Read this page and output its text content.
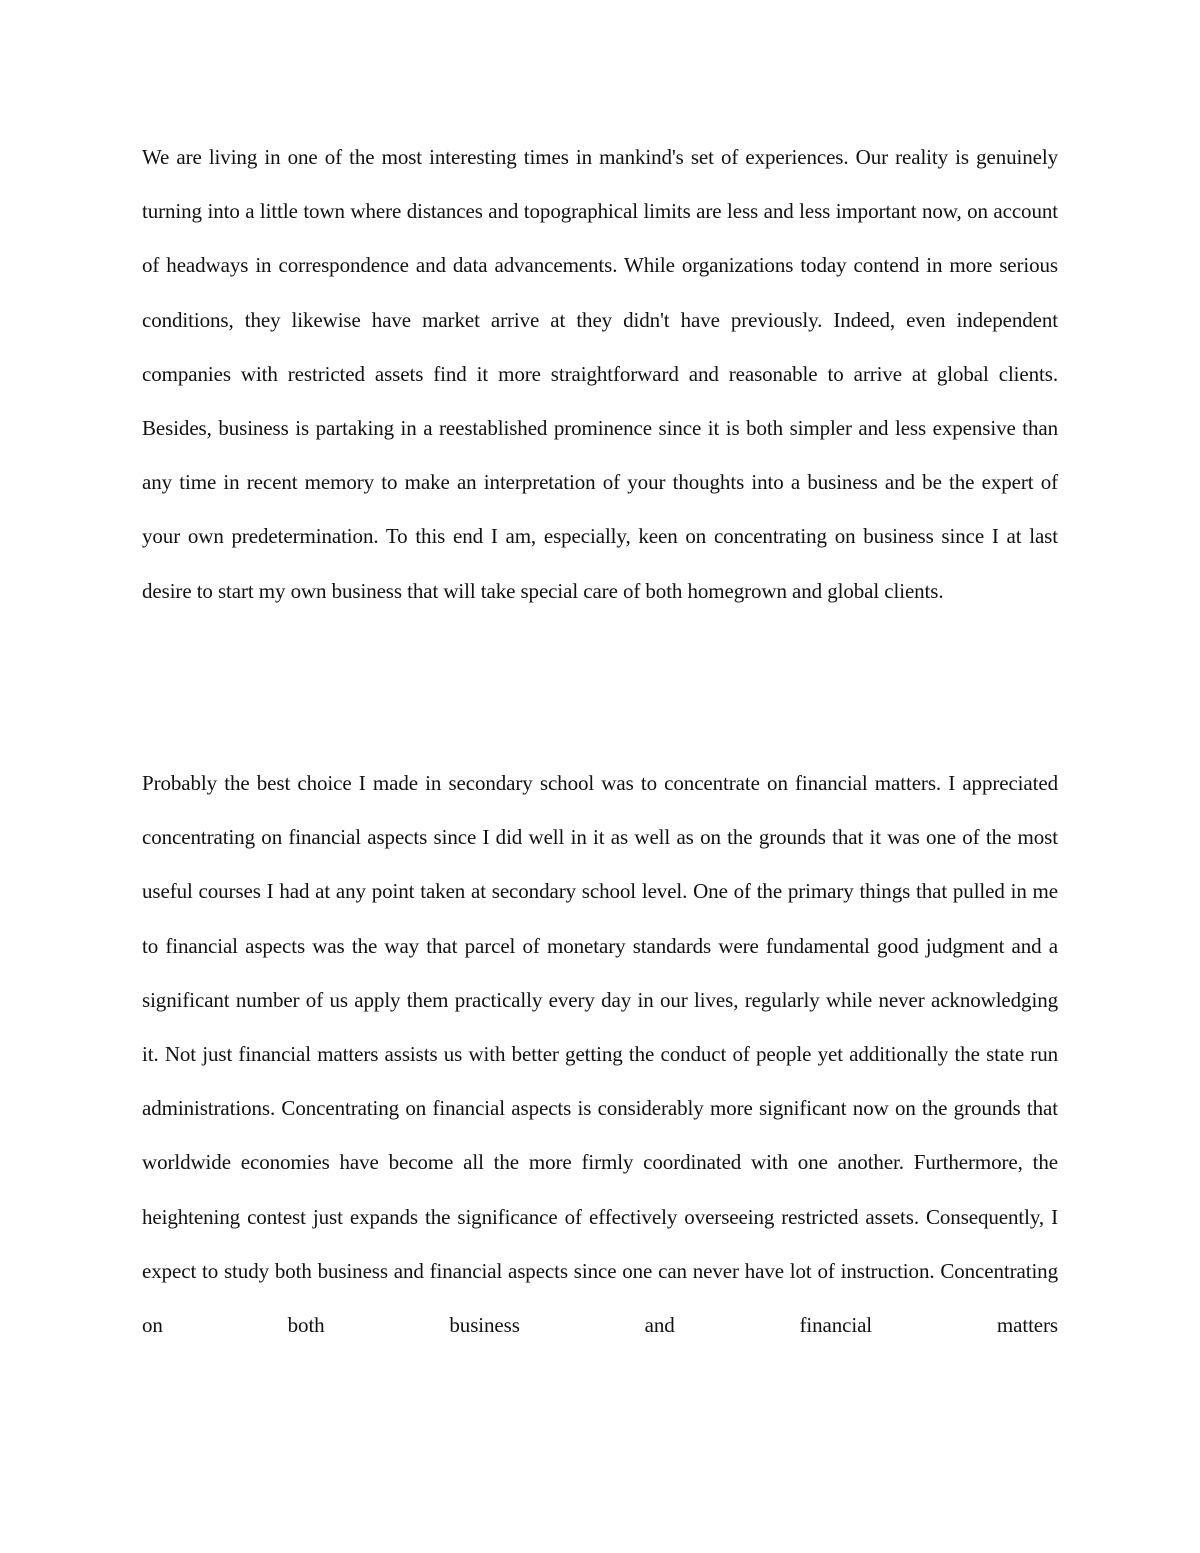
We are living in one of the most interesting times in mankind's set of experiences. Our reality is genuinely turning into a little town where distances and topographical limits are less and less important now, on account of headways in correspondence and data advancements. While organizations today contend in more serious conditions, they likewise have market arrive at they didn't have previously. Indeed, even independent companies with restricted assets find it more straightforward and reasonable to arrive at global clients. Besides, business is partaking in a reestablished prominence since it is both simpler and less expensive than any time in recent memory to make an interpretation of your thoughts into a business and be the expert of your own predetermination. To this end I am, especially, keen on concentrating on business since I at last desire to start my own business that will take special care of both homegrown and global clients.

Probably the best choice I made in secondary school was to concentrate on financial matters. I appreciated concentrating on financial aspects since I did well in it as well as on the grounds that it was one of the most useful courses I had at any point taken at secondary school level. One of the primary things that pulled in me to financial aspects was the way that parcel of monetary standards were fundamental good judgment and a significant number of us apply them practically every day in our lives, regularly while never acknowledging it. Not just financial matters assists us with better getting the conduct of people yet additionally the state run administrations. Concentrating on financial aspects is considerably more significant now on the grounds that worldwide economies have become all the more firmly coordinated with one another. Furthermore, the heightening contest just expands the significance of effectively overseeing restricted assets. Consequently, I expect to study both business and financial aspects since one can never have lot of instruction. Concentrating on both business and financial matters
